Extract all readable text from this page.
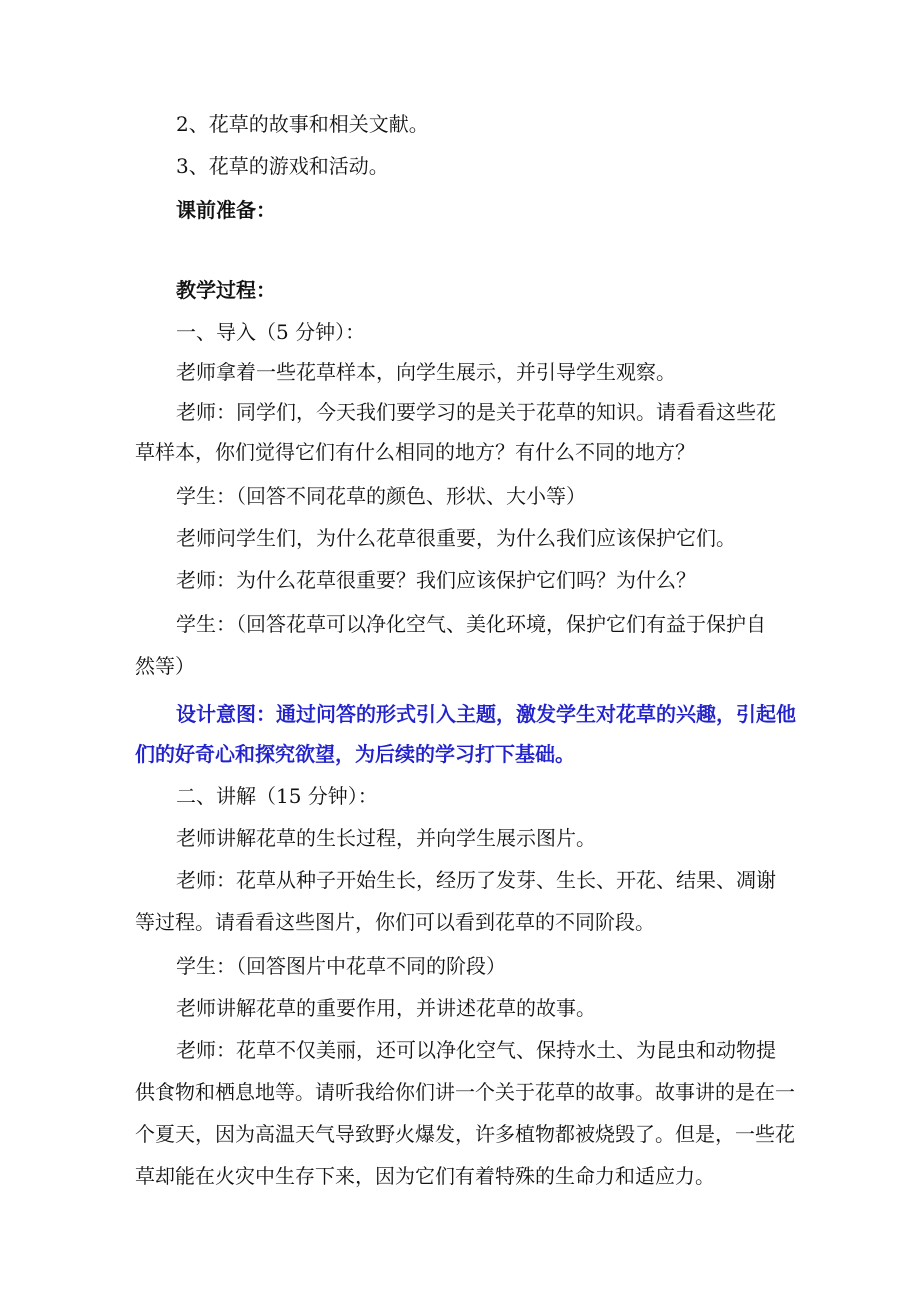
2、花草的故事和相关文献。
3、花草的游戏和活动。
课前准备：
教学过程：
一、导入（5 分钟）：
老师拿着一些花草样本，向学生展示，并引导学生观察。
老师：同学们，今天我们要学习的是关于花草的知识。请看看这些花
草样本，你们觉得它们有什么相同的地方？有什么不同的地方？
学生：（回答不同花草的颜色、形状、大小等）
老师问学生们，为什么花草很重要，为什么我们应该保护它们。
老师：为什么花草很重要？我们应该保护它们吗？为什么？
学生：（回答花草可以净化空气、美化环境，保护它们有益于保护自
然等）
设计意图：通过问答的形式引入主题，激发学生对花草的兴趣，引起他
们的好奇心和探究欲望，为后续的学习打下基础。
二、讲解（15 分钟）：
老师讲解花草的生长过程，并向学生展示图片。
老师：花草从种子开始生长，经历了发芽、生长、开花、结果、凋谢
等过程。请看看这些图片，你们可以看到花草的不同阶段。
学生：（回答图片中花草不同的阶段）
老师讲解花草的重要作用，并讲述花草的故事。
老师：花草不仅美丽，还可以净化空气、保持水土、为昆虫和动物提
供食物和栖息地等。请听我给你们讲一个关于花草的故事。故事讲的是在一
个夏天，因为高温天气导致野火爆发，许多植物都被烧毁了。但是，一些花
草却能在火灾中生存下来，因为它们有着特殊的生命力和适应力。
